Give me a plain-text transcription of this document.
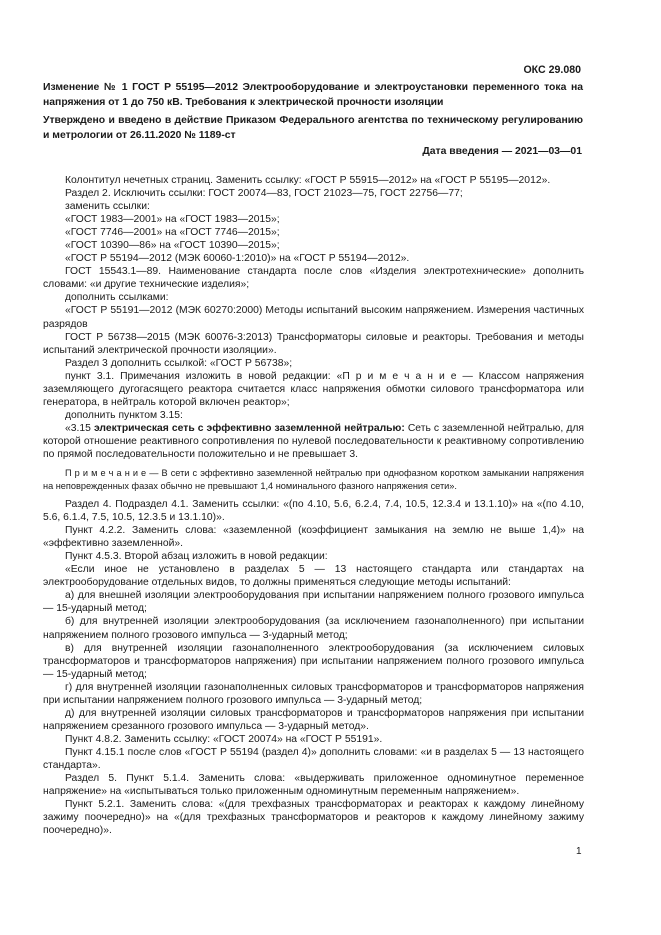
ОКС 29.080
Изменение № 1 ГОСТ Р 55195—2012 Электрооборудование и электроустановки переменного тока на напряжения от 1 до 750 кВ. Требования к электрической прочности изоляции
Утверждено и введено в действие Приказом Федерального агентства по техническому регулированию и метрологии от 26.11.2020 № 1189-ст
Дата введения — 2021—03—01

Колонтитул нечетных страниц. Заменить ссылку: «ГОСТ Р 55915—2012» на «ГОСТ Р 55195—2012».

Раздел 2. Исключить ссылки: ГОСТ 20074—83, ГОСТ 21023—75, ГОСТ 22756—77;

заменить ссылки:

«ГОСТ 1983—2001» на «ГОСТ 1983—2015»;

«ГОСТ 7746—2001» на «ГОСТ 7746—2015»;

«ГОСТ 10390—86» на «ГОСТ 10390—2015»;

«ГОСТ Р 55194—2012 (МЭК 60060-1:2010)» на «ГОСТ Р 55194—2012».

ГОСТ 15543.1—89. Наименование стандарта после слов «Изделия электротехнические» дополнить словами: «и другие технические изделия»;

дополнить ссылками:

«ГОСТ Р 55191—2012 (МЭК 60270:2000) Методы испытаний высоким напряжением. Измерения частичных разрядов

ГОСТ Р 56738—2015 (МЭК 60076-3:2013) Трансформаторы силовые и реакторы. Требования и методы испытаний электрической прочности изоляции».

Раздел 3 дополнить ссылкой: «ГОСТ Р 56738»;

пункт 3.1. Примечания изложить в новой редакции: «П р и м е ч а н и е — Классом напряжения заземляющего дугогасящего реактора считается класс напряжения обмотки силового трансформатора или генератора, в нейтраль которой включен реактор»;

дополнить пунктом 3.15:

«3.15 электрическая сеть с эффективно заземленной нейтралью: Сеть с заземленной нейтралью, для которой отношение реактивного сопротивления по нулевой последовательности к реактивному сопротивлению по прямой последовательности положительно и не превышает 3.

П р и м е ч а н и е — В сети с эффективно заземленной нейтралью при однофазном коротком замыкании напряжения на неповрежденных фазах обычно не превышают 1,4 номинального фазного напряжения сети».

Раздел 4. Подраздел 4.1. Заменить ссылки: «(по 4.10, 5.6, 6.2.4, 7.4, 10.5, 12.3.4 и 13.1.10)» на «(по 4.10, 5.6, 6.1.4, 7.5, 10.5, 12.3.5 и 13.1.10)».

Пункт 4.2.2. Заменить слова: «заземленной (коэффициент замыкания на землю не выше 1,4)» на «эффективно заземленной».

Пункт 4.5.3. Второй абзац изложить в новой редакции:

«Если иное не установлено в разделах 5 — 13 настоящего стандарта или стандартах на электрооборудование отдельных видов, то должны применяться следующие методы испытаний:

а) для внешней изоляции электрооборудования при испытании напряжением полного грозового импульса — 15-ударный метод;

б) для внутренней изоляции электрооборудования (за исключением газонаполненного) при испытании напряжением полного грозового импульса — 3-ударный метод;

в) для внутренней изоляции газонаполненного электрооборудования (за исключением силовых трансформаторов и трансформаторов напряжения) при испытании напряжением полного грозового импульса — 15-ударный метод;

г) для внутренней изоляции газонаполненных силовых трансформаторов и трансформаторов напряжения при испытании напряжением полного грозового импульса — 3-ударный метод;

д) для внутренней изоляции силовых трансформаторов и трансформаторов напряжения при испытании напряжением срезанного грозового импульса — 3-ударный метод».

Пункт 4.8.2. Заменить ссылку: «ГОСТ 20074» на «ГОСТ Р 55191».

Пункт 4.15.1 после слов «ГОСТ Р 55194 (раздел 4)» дополнить словами: «и в разделах 5 — 13 настоящего стандарта».

Раздел 5. Пункт 5.1.4. Заменить слова: «выдерживать приложенное одноминутное переменное напряжение» на «испытываться только приложенным одноминутным переменным напряжением».

Пункт 5.2.1. Заменить слова: «(для трехфазных трансформаторах и реакторах к каждому линейному зажиму поочередно)» на «(для трехфазных трансформаторов и реакторов к каждому линейному зажиму поочередно)».

1
